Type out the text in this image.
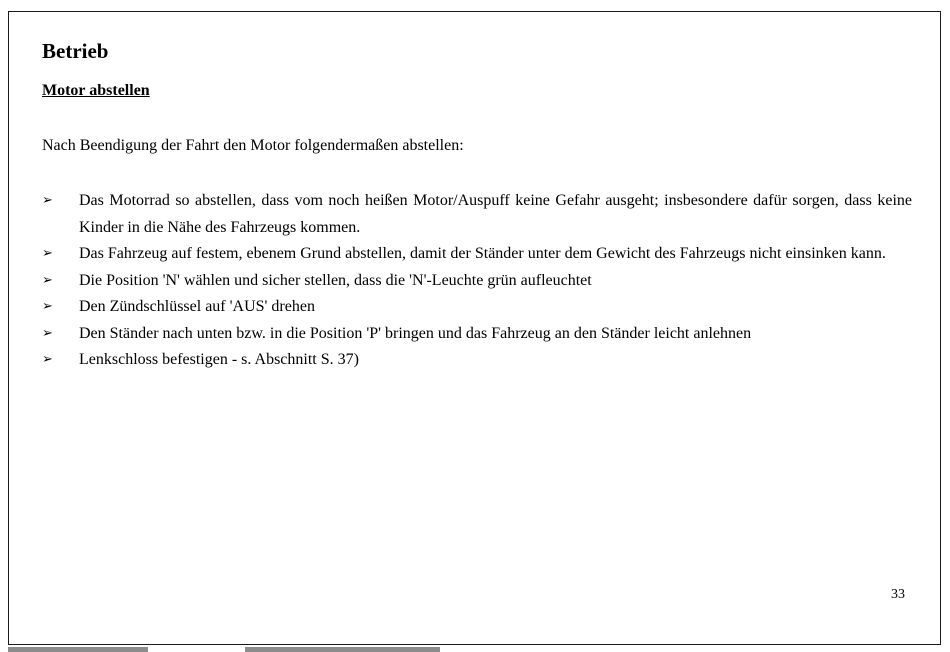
Betrieb
Motor abstellen

Nach Beendigung der Fahrt den Motor folgendermaßen abstellen:

➢	Das Motorrad so abstellen, dass vom noch heißen Motor/Auspuff keine Gefahr ausgeht; insbesondere dafür sorgen, dass keine Kinder in die Nähe des Fahrzeugs kommen.
➢	Das Fahrzeug auf festem, ebenem Grund abstellen, damit der Ständer unter dem Gewicht des Fahrzeugs nicht einsinken kann.
➢	Die Position 'N' wählen und sicher stellen, dass die 'N'-Leuchte grün aufleuchtet
➢	Den Zündschlüssel auf 'AUS' drehen
➢	Den Ständer nach unten bzw. in die Position 'P' bringen und das Fahrzeug an den Ständer leicht anlehnen
➢	Lenkschloss befestigen - s. Abschnitt S. 37)
33
